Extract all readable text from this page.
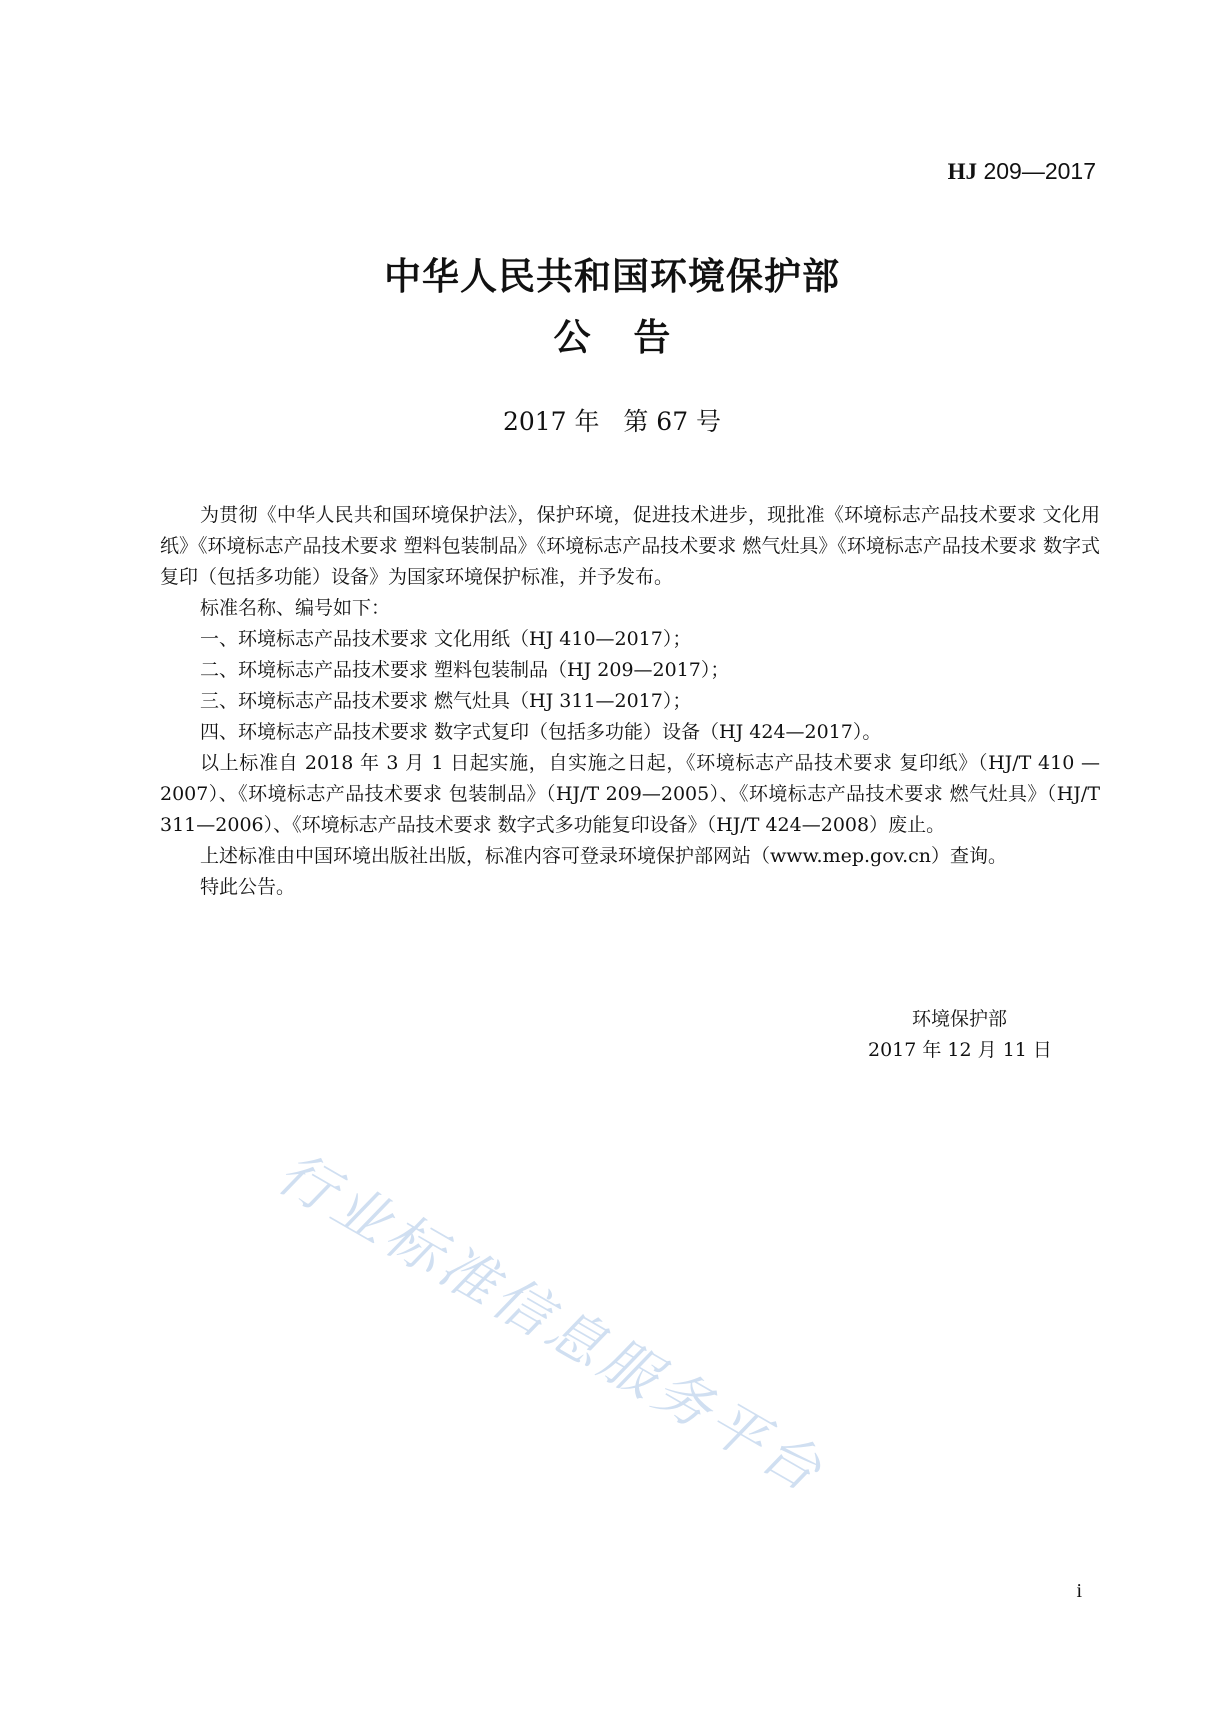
HJ 209—2017
中华人民共和国环境保护部
公 告
2017 年   第 67 号

为贯彻《中华人民共和国环境保护法》，保护环境，促进技术进步，现批准《环境标志产品技术要求 文化用纸》《环境标志产品技术要求 塑料包装制品》《环境标志产品技术要求 燃气灶具》《环境标志产品技术要求 数字式复印（包括多功能）设备》为国家环境保护标准，并予发布。

标准名称、编号如下：

一、环境标志产品技术要求 文化用纸（HJ 410—2017）；

二、环境标志产品技术要求 塑料包装制品（HJ 209—2017）；

三、环境标志产品技术要求 燃气灶具（HJ 311—2017）；

四、环境标志产品技术要求 数字式复印（包括多功能）设备（HJ 424—2017）。

以上标准自 2018 年 3 月 1 日起实施，自实施之日起，《环境标志产品技术要求 复印纸》（HJ/T 410 —2007）、《环境标志产品技术要求 包装制品》（HJ/T 209—2005）、《环境标志产品技术要求 燃气灶具》（HJ/T 311—2006）、《环境标志产品技术要求 数字式多功能复印设备》（HJ/T 424—2008）废止。

上述标准由中国环境出版社出版，标准内容可登录环境保护部网站（www.mep.gov.cn）查询。

特此公告。

环境保护部
2017 年 12 月 11 日
行业标准信息服务平台
i
